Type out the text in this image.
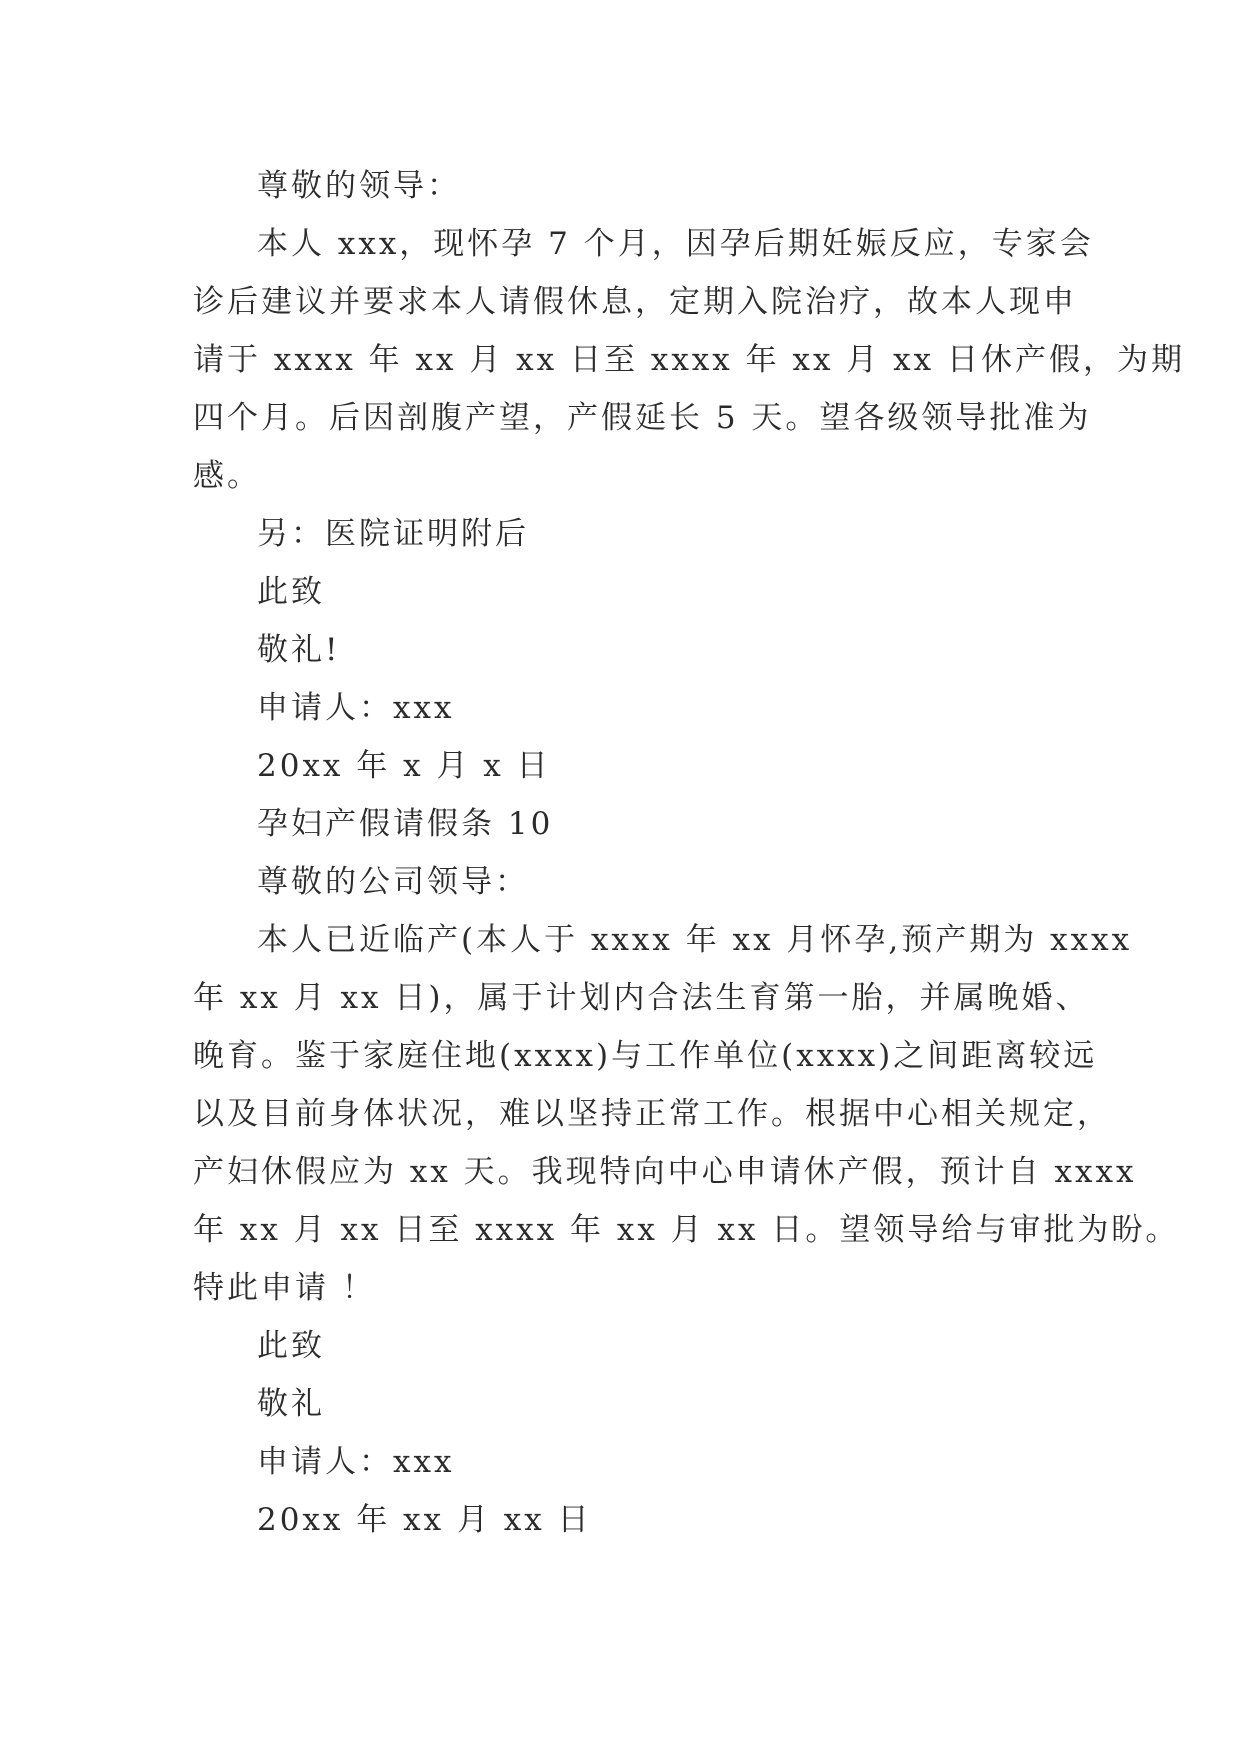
尊敬的领导：
本人 xxx，现怀孕 7 个月，因孕后期妊娠反应，专家会
诊后建议并要求本人请假休息，定期入院治疗，故本人现申
请于 xxxx 年 xx 月 xx 日至 xxxx 年 xx 月 xx 日休产假，为期
四个月。后因剖腹产望，产假延长 5 天。望各级领导批准为
感。
另：医院证明附后
此致
敬礼!
申请人：xxx
20xx 年 x 月 x 日
孕妇产假请假条 10
尊敬的公司领导：
本人已近临产(本人于 xxxx 年 xx 月怀孕,预产期为 xxxx
年 xx 月 xx 日)，属于计划内合法生育第一胎，并属晚婚、
晚育。鉴于家庭住地(xxxx)与工作单位(xxxx)之间距离较远
以及目前身体状况，难以坚持正常工作。根据中心相关规定，
产妇休假应为 xx 天。我现特向中心申请休产假，预计自 xxxx
年 xx 月 xx 日至 xxxx 年 xx 月 xx 日。望领导给与审批为盼。
特此申请 ！
此致
敬礼
申请人：xxx
20xx 年 xx 月 xx 日
